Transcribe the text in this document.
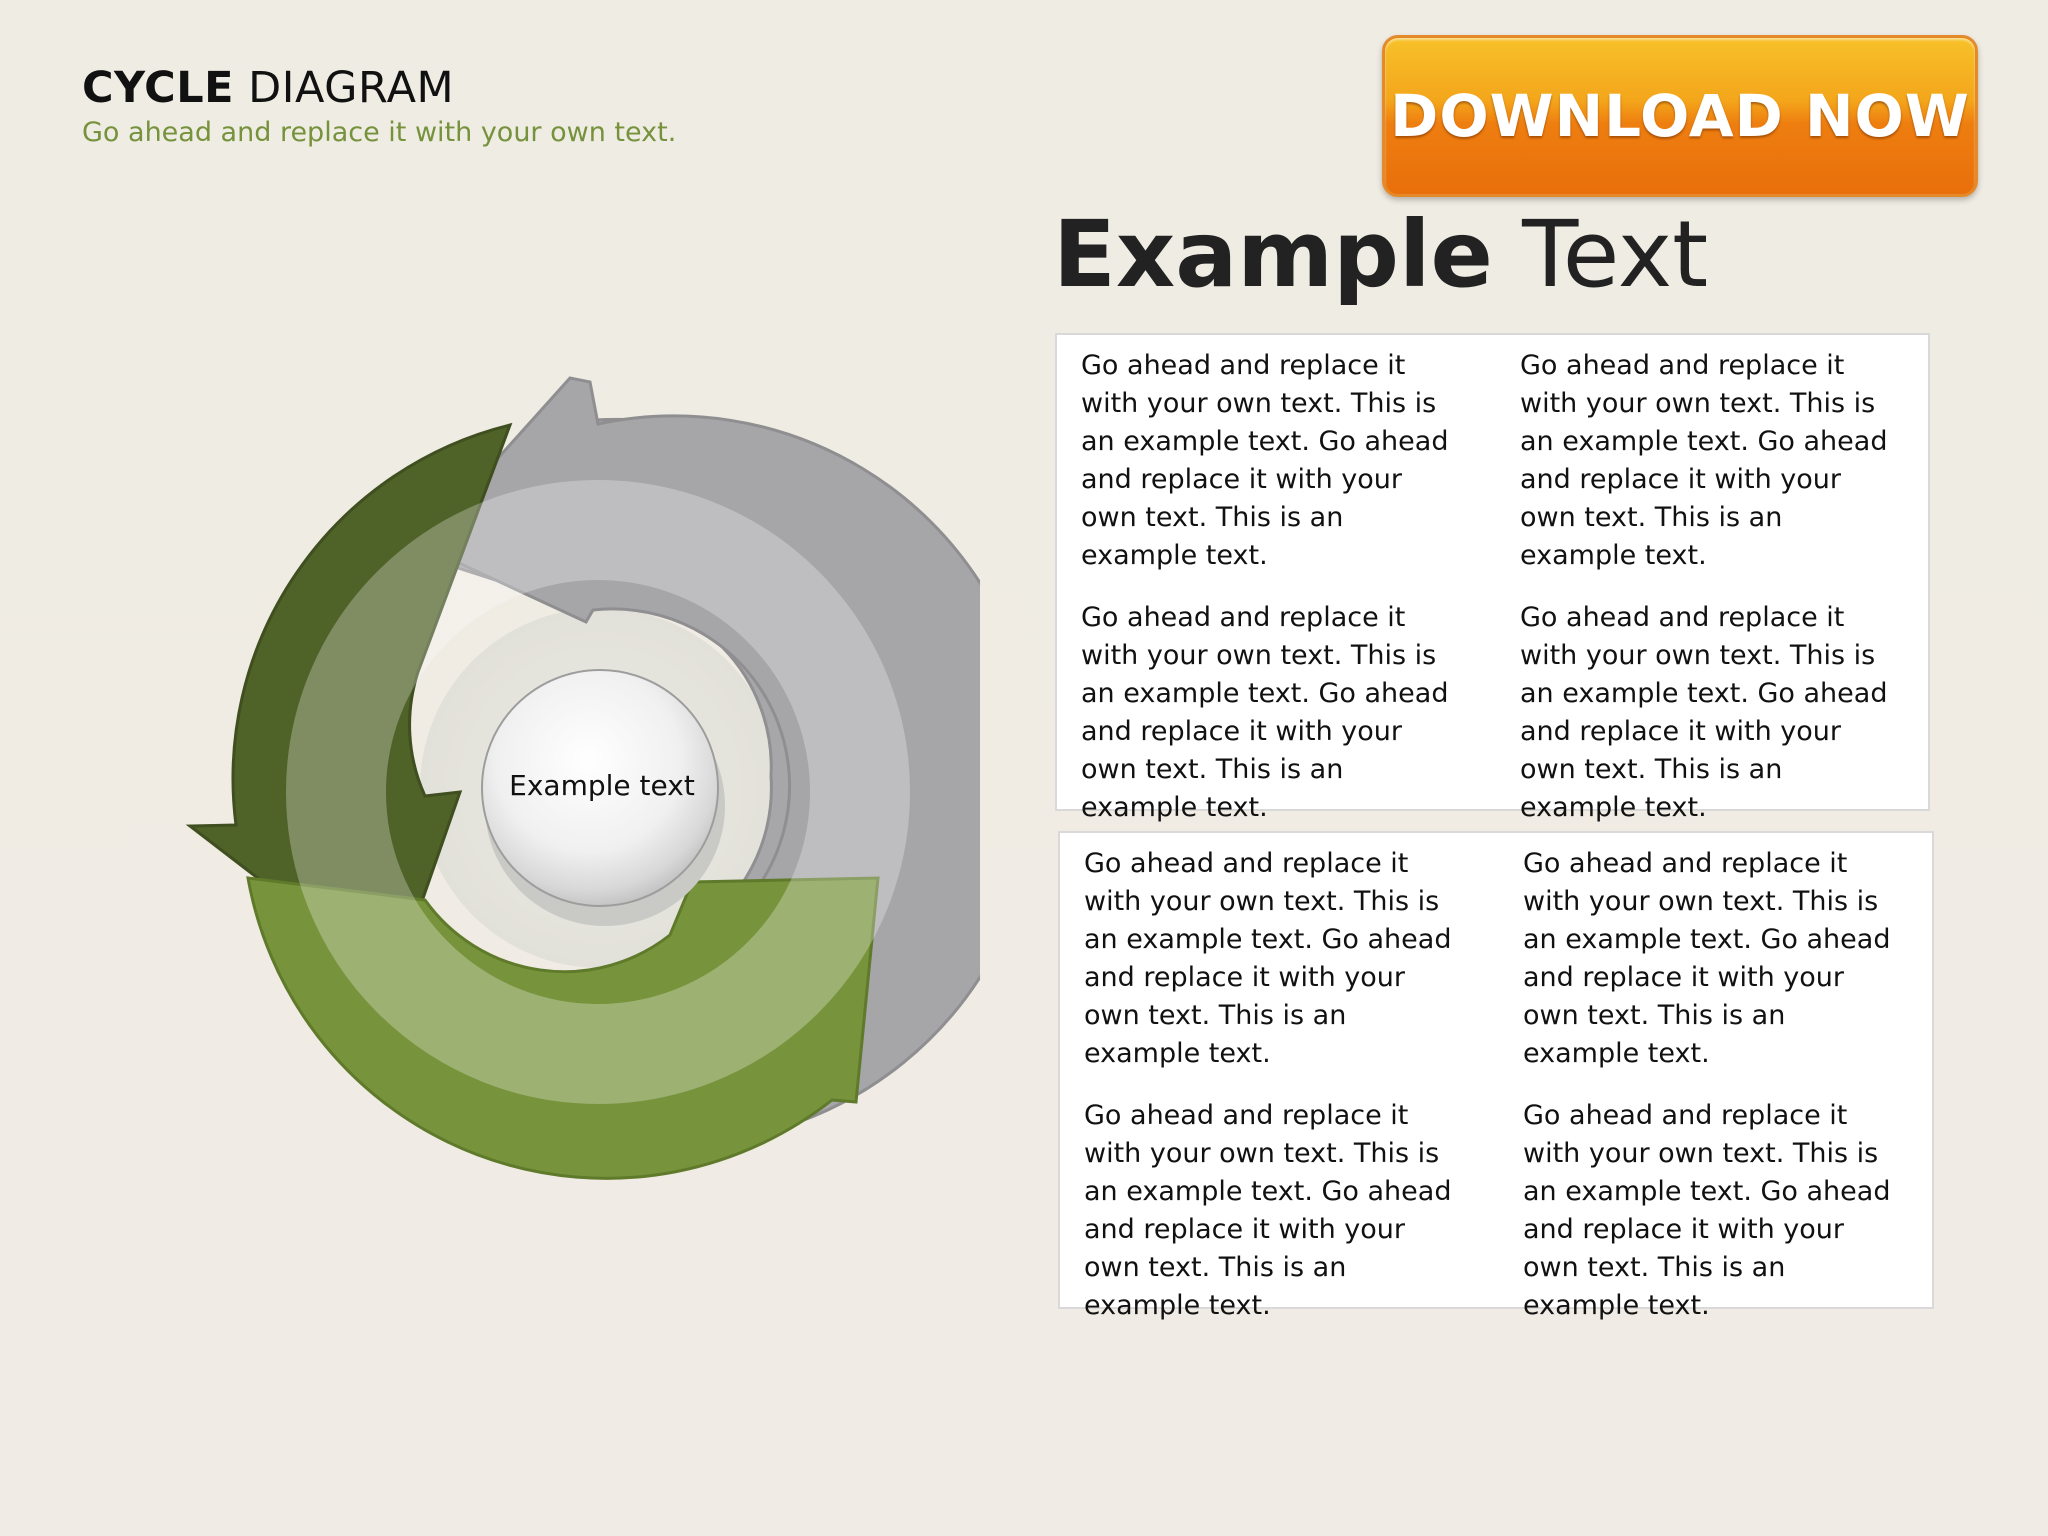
CYCLE DIAGRAM
Go ahead and replace it with your own text.	DOWNLOAD NOW
Example Text
Example text
Go ahead and replace it with your own text. This is an example text. Go ahead and replace it with your own text. This is an example text.
Go ahead and replace it with your own text. This is an example text. Go ahead and replace it with your own text. This is an example text.
Go ahead and replace it with your own text. This is an example text. Go ahead and replace it with your own text. This is an example text.
Go ahead and replace it with your own text. This is an example text. Go ahead and replace it with your own text. This is an example text.
Go ahead and replace it with your own text. This is an example text. Go ahead and replace it with your own text. This is an example text.
Go ahead and replace it with your own text. This is an example text. Go ahead and replace it with your own text. This is an example text.
Go ahead and replace it with your own text. This is an example text. Go ahead and replace it with your own text. This is an example text.
Go ahead and replace it with your own text. This is an example text. Go ahead and replace it with your own text. This is an example text.
